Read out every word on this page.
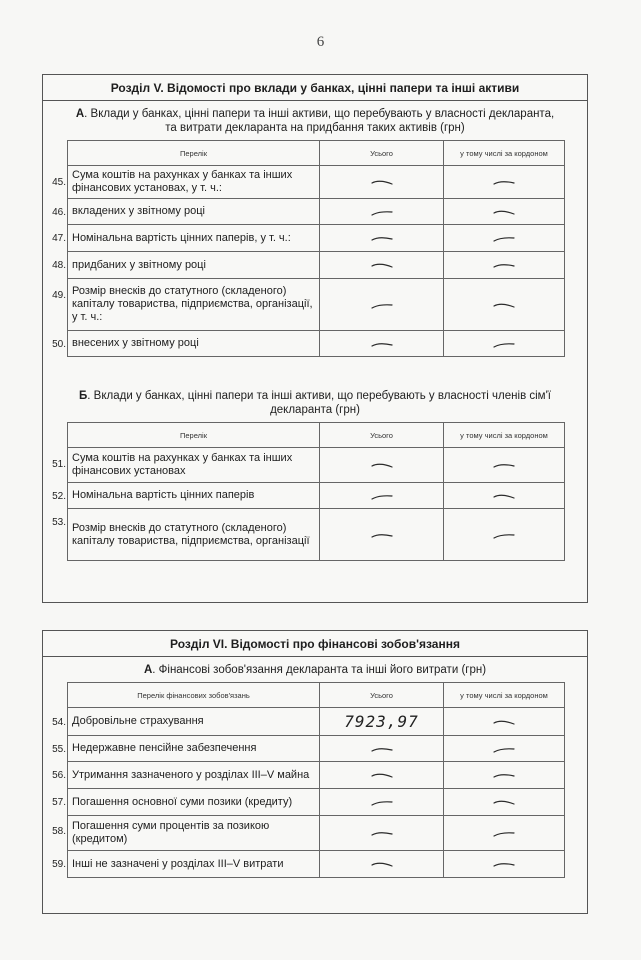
6
Розділ V. Відомості про вклади у банках, цінні папери та інші активи
А. Вклади у банках, цінні папери та інші активи, що перебувають у власності декларанта, та витрати декларанта на придбання таких активів (грн)
Перелік	Усього	у тому числі за кордоном

45.
Сума коштів на рахунках у банках та інших фінансових установах, у т. ч.:	

46. вкладених у звітному році	

47. Номінальна вартість цінних паперів, у т. ч.:	

48. придбаних у звітному році	

49. Розмір внесків до статутного (складеного) капіталу товариства, підприємства, організації, у т. ч.:	

50. внесених у звітному році	

Б. Вклади у банках, цінні папери та інші активи, що перебувають у власності членів сім'ї декларанта (грн)
Перелік	Усього	у тому числі за кордоном

51.
Сума коштів на рахунках у банках та інших фінансових установах	

52. Номінальна вартість цінних паперів	

53. Розмір внесків до статутного (складеного) капіталу товариства, підприємства, організації	

Розділ VI. Відомості про фінансові зобов'язання
А. Фінансові зобов'язання декларанта та інші його витрати (грн)
Перелік фінансових зобов'язань	Усього	у тому числі за кордоном

54. Добровільне страхування	7923,97	

55. Недержавне пенсійне забезпечення	

56. Утримання зазначеного у розділах III–V майна	

57. Погашення основної суми позики (кредиту)	

58. Погашення суми процентів за позикою (кредитом)	

59. Інші не зазначені у розділах III–V витрати	
